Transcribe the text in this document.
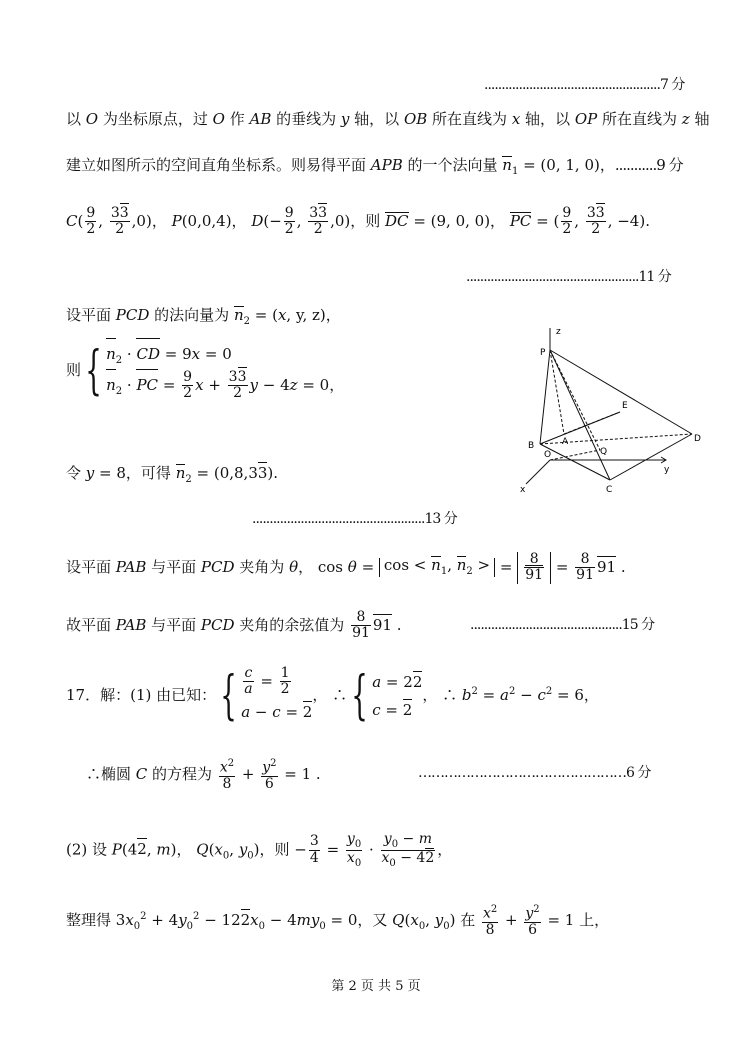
...................................................7 分
以 O 为坐标原点，过 O 作 AB 的垂线为 y 轴，以 OB 所在直线为 x 轴，以 OP 所在直线为 z 轴
建立如图所示的空间直角坐标系。则易得平面 APB 的一个法向量 $n_1 = (0$, 1, 0)，...........9 分
$C( \frac{9}{2}$ , $\frac{33}{2} ,0$)， P(0,0,4)， $D(- \frac{9}{2}$ , $\frac{33}{2} ,0$)，则 DC = (9, 0, 0)， PC = ( $\frac{9}{2}$ , $\frac{33}{2}$ , −4).
..................................................11 分
设平面 PCD 的法向量为 $n_2 = (x$, y, z)，
则{ $n_2$ · CD = 9x = 0
$n_2$ · PC = $\frac{9}{2}$ $x + \frac{33}{2}$ y − 4z = 0，
令 y = 8，可得 $n_2 = (0,8,33)$.
..................................................13 分
设平面 PAB 与平面 PCD 夹角为 θ， $\cos \theta = \cos < n_1$, $n_2$ > = $\frac{8}{91} = \frac{8}{91} 91$ .
故平面 PAB 与平面 PCD 夹角的余弦值为 $\frac{8}{91} 91$ .	............................................15 分
17．解：(1) 由已知：{ $\frac{c}{a} = \frac{1}{2}$
a − c = 2
， ∴{ a = 22
c = 2
， ∴ $b^2 = a^2 - c^2 = 6$，
∴椭圆 C 的方程为 $\frac{x^2}{8} + \frac{y^2}{6} = 1$ .	…………………………………………6 分
(2) 设 P(42, m)， $Q(x_0$, $y_0$)，则 − $\frac{3}{4} = \frac{y_0}{x_0} \cdot \frac{y_0 - m}{x_0 - 42}$ ，
整理得 $3x_0^2 + 4y_0^2 - 122x_0 - 4my_0 = 0$，又 $Q(x_0$, $y_0$) 在 $\frac{x^2}{8} + \frac{y^2}{6} = 1$ 上，
z
P
E
D
A
O	Q
B
C
x
y
第 2 页 共 5 页
